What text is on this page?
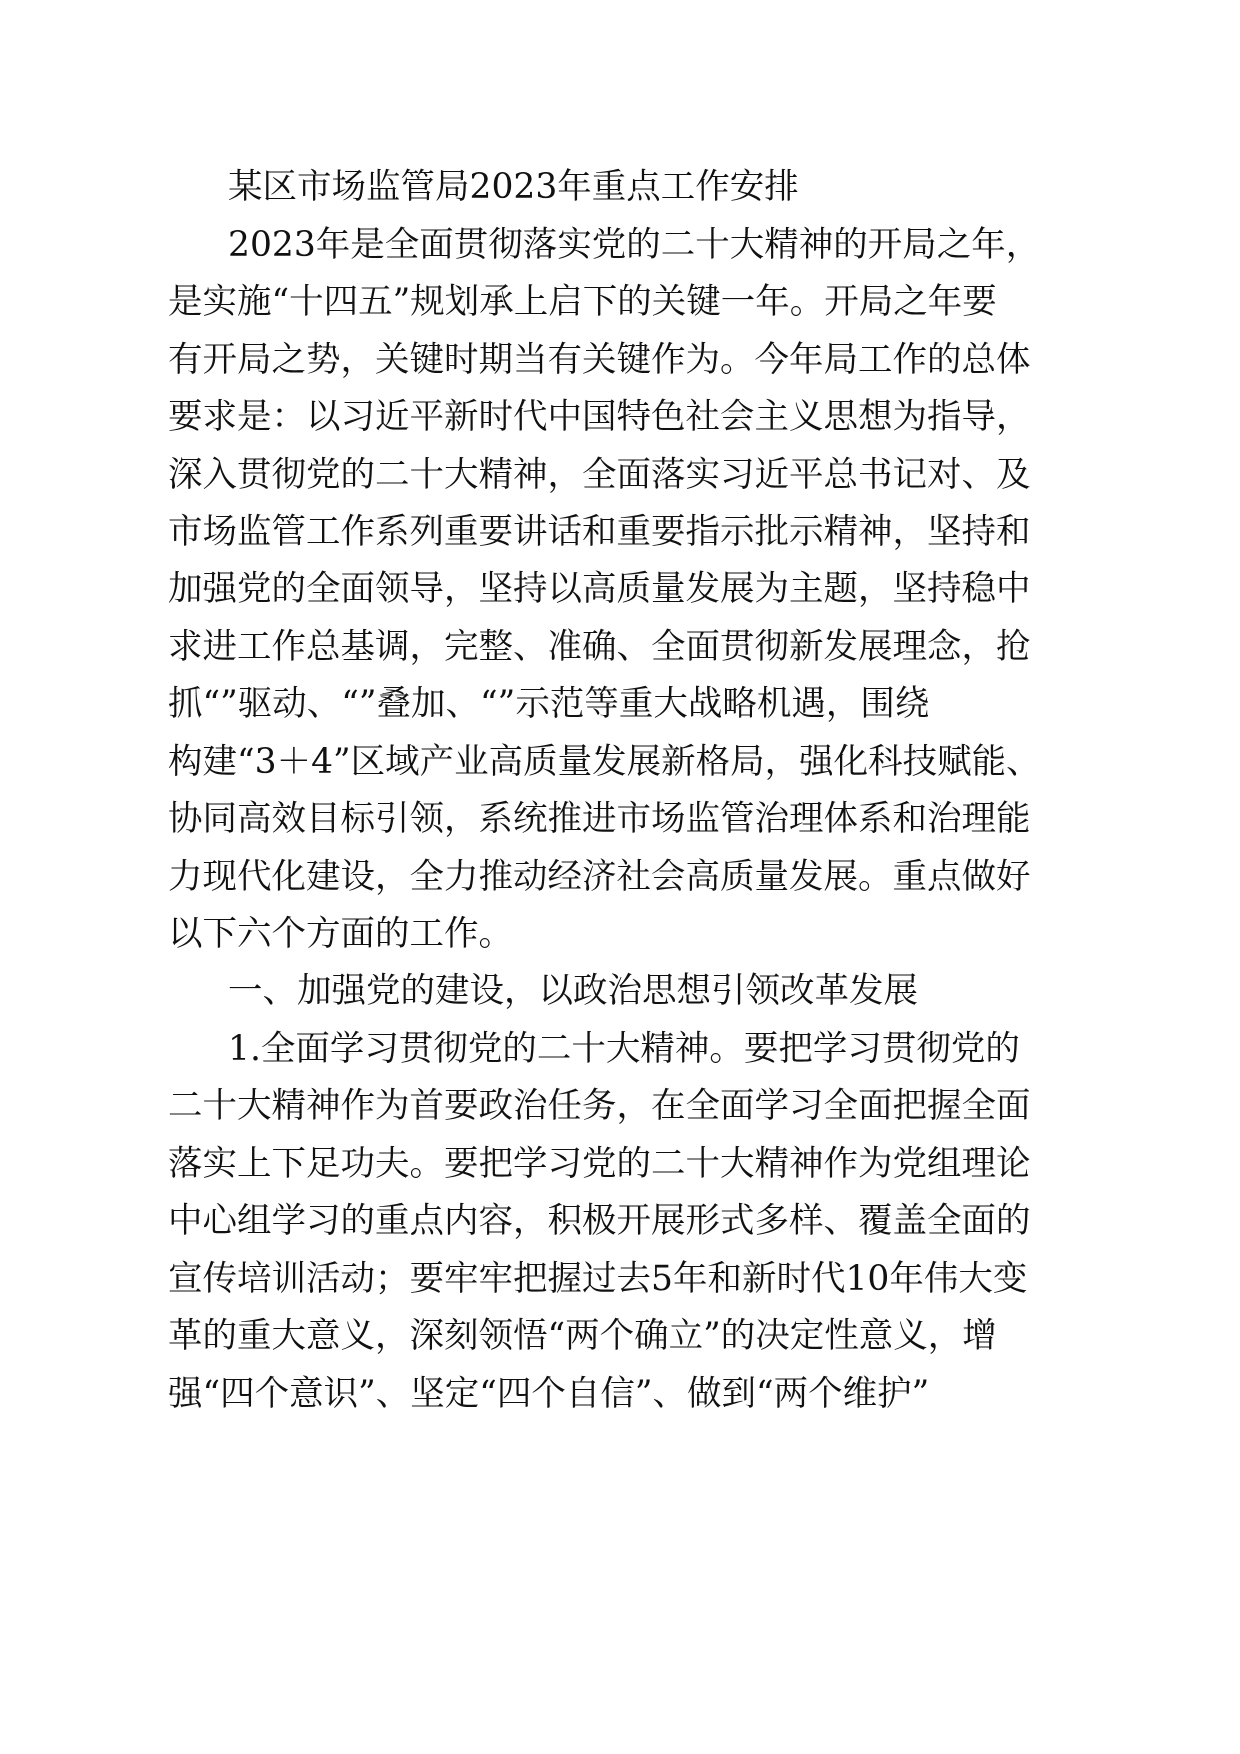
某区市场监管局2023年重点工作安排
2023年是全面贯彻落实党的二十大精神的开局之年，
是实施“十四五”规划承上启下的关键一年。开局之年要
有开局之势，关键时期当有关键作为。今年局工作的总体
要求是：以习近平新时代中国特色社会主义思想为指导，
深入贯彻党的二十大精神，全面落实习近平总书记对、及
市场监管工作系列重要讲话和重要指示批示精神，坚持和
加强党的全面领导，坚持以高质量发展为主题，坚持稳中
求进工作总基调，完整、准确、全面贯彻新发展理念，抢
抓“”驱动、“”叠加、“”示范等重大战略机遇，围绕
构建“3＋4”区域产业高质量发展新格局，强化科技赋能、
协同高效目标引领，系统推进市场监管治理体系和治理能
力现代化建设，全力推动经济社会高质量发展。重点做好
以下六个方面的工作。
一、加强党的建设，以政治思想引领改革发展
1.全面学习贯彻党的二十大精神。要把学习贯彻党的
二十大精神作为首要政治任务，在全面学习全面把握全面
落实上下足功夫。要把学习党的二十大精神作为党组理论
中心组学习的重点内容，积极开展形式多样、覆盖全面的
宣传培训活动；要牢牢把握过去5年和新时代10年伟大变
革的重大意义，深刻领悟“两个确立”的决定性意义，增
强“四个意识”、坚定“四个自信”、做到“两个维护”
